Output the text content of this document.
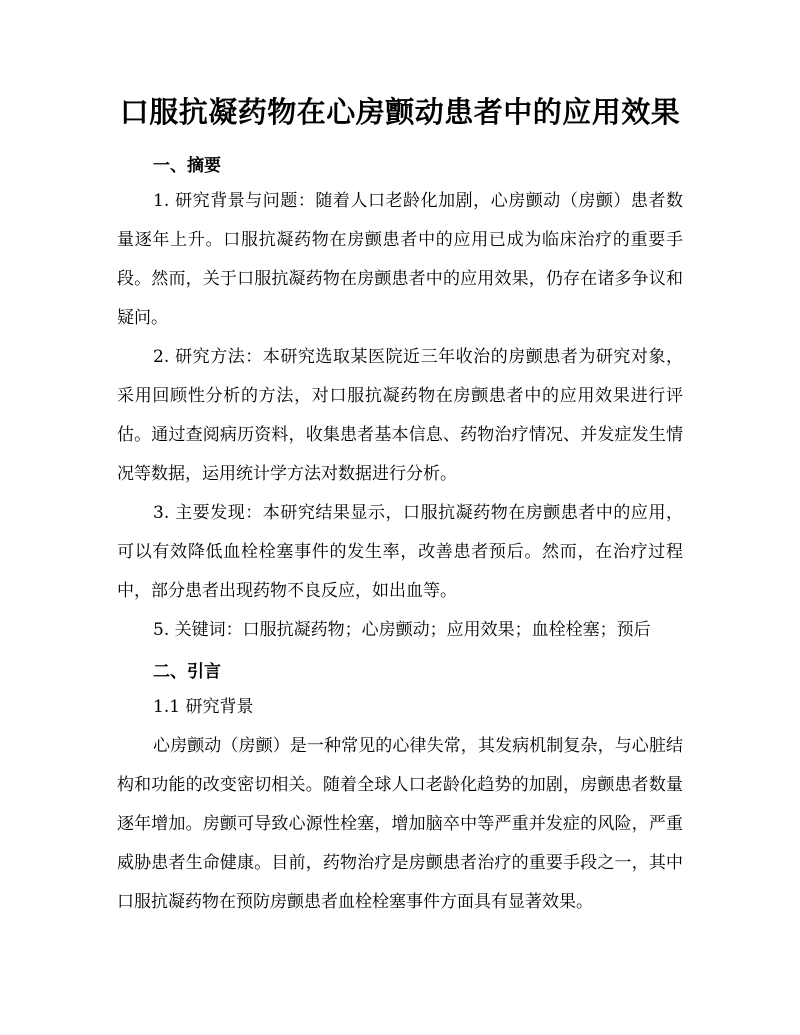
口服抗凝药物在心房颤动患者中的应用效果
一、摘要

1. 研究背景与问题：随着人口老龄化加剧，心房颤动（房颤）患者数量逐年上升。口服抗凝药物在房颤患者中的应用已成为临床治疗的重要手段。然而，关于口服抗凝药物在房颤患者中的应用效果，仍存在诸多争议和疑问。

2. 研究方法：本研究选取某医院近三年收治的房颤患者为研究对象，采用回顾性分析的方法，对口服抗凝药物在房颤患者中的应用效果进行评估。通过查阅病历资料，收集患者基本信息、药物治疗情况、并发症发生情况等数据，运用统计学方法对数据进行分析。

3. 主要发现：本研究结果显示，口服抗凝药物在房颤患者中的应用，可以有效降低血栓栓塞事件的发生率，改善患者预后。然而，在治疗过程中，部分患者出现药物不良反应，如出血等。

5. 关键词：口服抗凝药物；心房颤动；应用效果；血栓栓塞；预后

二、引言

1.1 研究背景

心房颤动（房颤）是一种常见的心律失常，其发病机制复杂，与心脏结构和功能的改变密切相关。随着全球人口老龄化趋势的加剧，房颤患者数量逐年增加。房颤可导致心源性栓塞，增加脑卒中等严重并发症的风险，严重威胁患者生命健康。目前，药物治疗是房颤患者治疗的重要手段之一，其中口服抗凝药物在预防房颤患者血栓栓塞事件方面具有显著效果。
